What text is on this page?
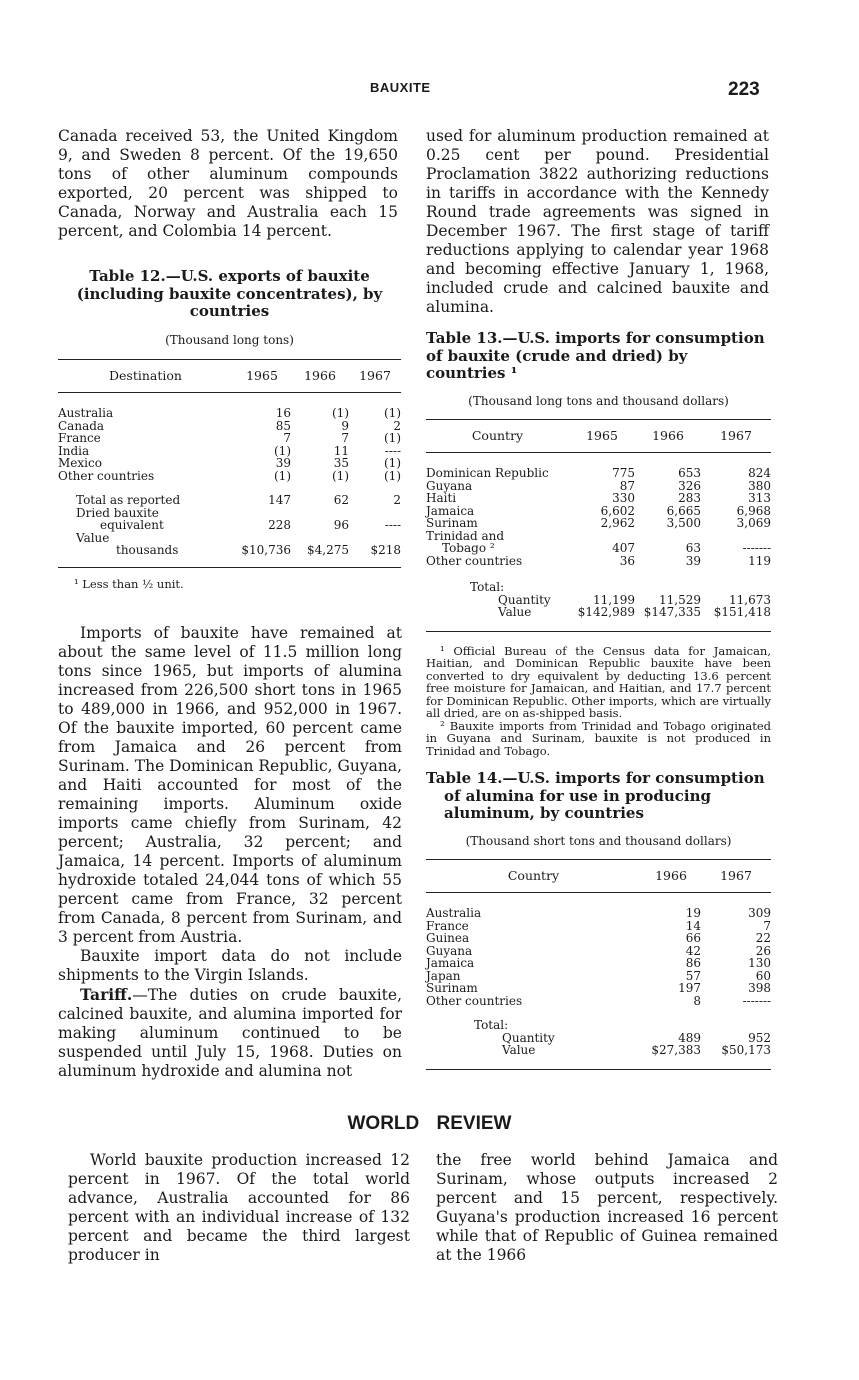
BAUXITE	223

Canada received 53, the United Kingdom 9, and Sweden 8 percent. Of the 19,650 tons of other aluminum compounds exported, 20 percent was shipped to Canada, Norway and Australia each 15 percent, and Colombia 14 percent.

Table 12.—U.S. exports of bauxite (including bauxite concentrates), by countries
(Thousand long tons)
Destination	1965	1966	1967
Australia	16	(1)	(1)
Canada	85	9	2
France	7	7	(1)
India	(1)	11	----
Mexico	39	35	(1)
Other countries	(1)	(1)	(1)

Total as reported	147	62	2
Dried bauxite			
equivalent	228	96	----
Value			
thousands	$10,736	$4,275	$218
¹ Less than ½ unit.

Imports of bauxite have remained at about the same level of 11.5 million long tons since 1965, but imports of alumina increased from 226,500 short tons in 1965 to 489,000 in 1966, and 952,000 in 1967. Of the bauxite imported, 60 percent came from Jamaica and 26 percent from Surinam. The Dominican Republic, Guyana, and Haiti accounted for most of the remaining imports. Aluminum oxide imports came chiefly from Surinam, 42 percent; Australia, 32 percent; and Jamaica, 14 percent. Imports of aluminum hydroxide totaled 24,044 tons of which 55 percent came from France, 32 percent from Canada, 8 percent from Surinam, and 3 percent from Austria.

Bauxite import data do not include shipments to the Virgin Islands.

Tariff.—The duties on crude bauxite, calcined bauxite, and alumina imported for making aluminum continued to be suspended until July 15, 1968. Duties on aluminum hydroxide and alumina not

used for aluminum production remained at 0.25 cent per pound. Presidential Proclamation 3822 authorizing reductions in tariffs in accordance with the Kennedy Round trade agreements was signed in December 1967. The first stage of tariff reductions applying to calendar year 1968 and becoming effective January 1, 1968, included crude and calcined bauxite and alumina.

Table 13.—U.S. imports for consumption of bauxite (crude and dried) by countries ¹
(Thousand long tons and thousand dollars)
Country	1965	1966	1967
Dominican Republic	775	653	824
Guyana	87	326	380
Haiti	330	283	313
Jamaica	6,602	6,665	6,968
Surinam	2,962	3,500	3,069
Trinidad and			
Tobago ²	407	63	-------
Other countries	36	39	119

Total:			
Quantity	11,199	11,529	11,673
Value	$142,989	$147,335	$151,418
¹ Official Bureau of the Census data for Jamaican, Haitian, and Dominican Republic bauxite have been converted to dry equivalent by deducting 13.6 percent free moisture for Jamaican, and Haitian, and 17.7 percent for Dominican Republic. Other imports, which are virtually all dried, are on as-shipped basis.
² Bauxite imports from Trinidad and Tobago originated in Guyana and Surinam, bauxite is not produced in Trinidad and Tobago.
Table 14.—U.S. imports for consumption of alumina for use in producing aluminum, by countries
(Thousand short tons and thousand dollars)
Country	1966	1967
Australia	19	309
France	14	7
Guinea	66	22
Guyana	42	26
Jamaica	86	130
Japan	57	60
Surinam	197	398
Other countries	8	-------

Total:		
Quantity	489	952
Value	$27,383	$50,173
WORLD REVIEW

World bauxite production increased 12 percent in 1967. Of the total world advance, Australia accounted for 86 percent with an individual increase of 132 percent and became the third largest producer in

the free world behind Jamaica and Surinam, whose outputs increased 2 percent and 15 percent, respectively. Guyana's production increased 16 percent while that of Republic of Guinea remained at the 1966
